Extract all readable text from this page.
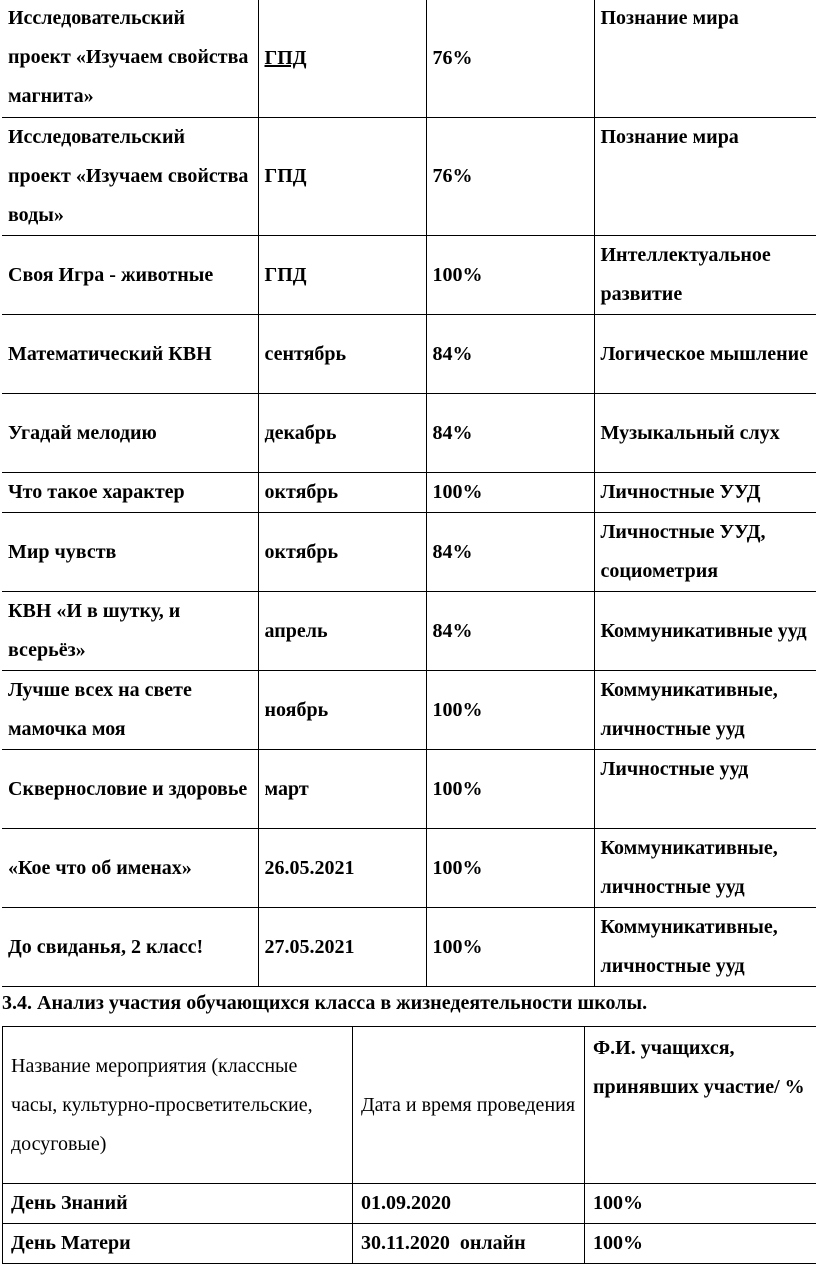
Исследовательский проект «Изучаем свойства магнита»	ГПД	76%	Познание мира
Исследовательский проект «Изучаем свойства воды»	ГПД	76%	Познание мира
Своя Игра - животные	ГПД	100%	Интеллектуальное развитие
Математический КВН	сентябрь	84%	Логическое мышление
Угадай мелодию	декабрь	84%	Музыкальный слух
Что такое характер	октябрь	100%	Личностные УУД
Мир чувств	октябрь	84%	Личностные УУД, социометрия
КВН «И в шутку, и всерьёз»	апрель	84%	Коммуникативные ууд
Лучше всех на свете мамочка моя	ноябрь	100%	Коммуникативные, личностные ууд
Сквернословие и здоровье	март	100%	Личностные ууд
«Кое что об именах»	26.05.2021	100%	Коммуникативные, личностные ууд
До свиданья, 2 класс!	27.05.2021	100%	Коммуникативные, личностные ууд
3.4. Анализ участия обучающихся класса в жизнедеятельности школы.
Название мероприятия (классные часы, культурно-просветительские, досуговые)	Дата и время проведения	Ф.И. учащихся, принявших участие/ %
День Знаний	01.09.2020	100%
День Матери	30.11.2020  онлайн	100%
